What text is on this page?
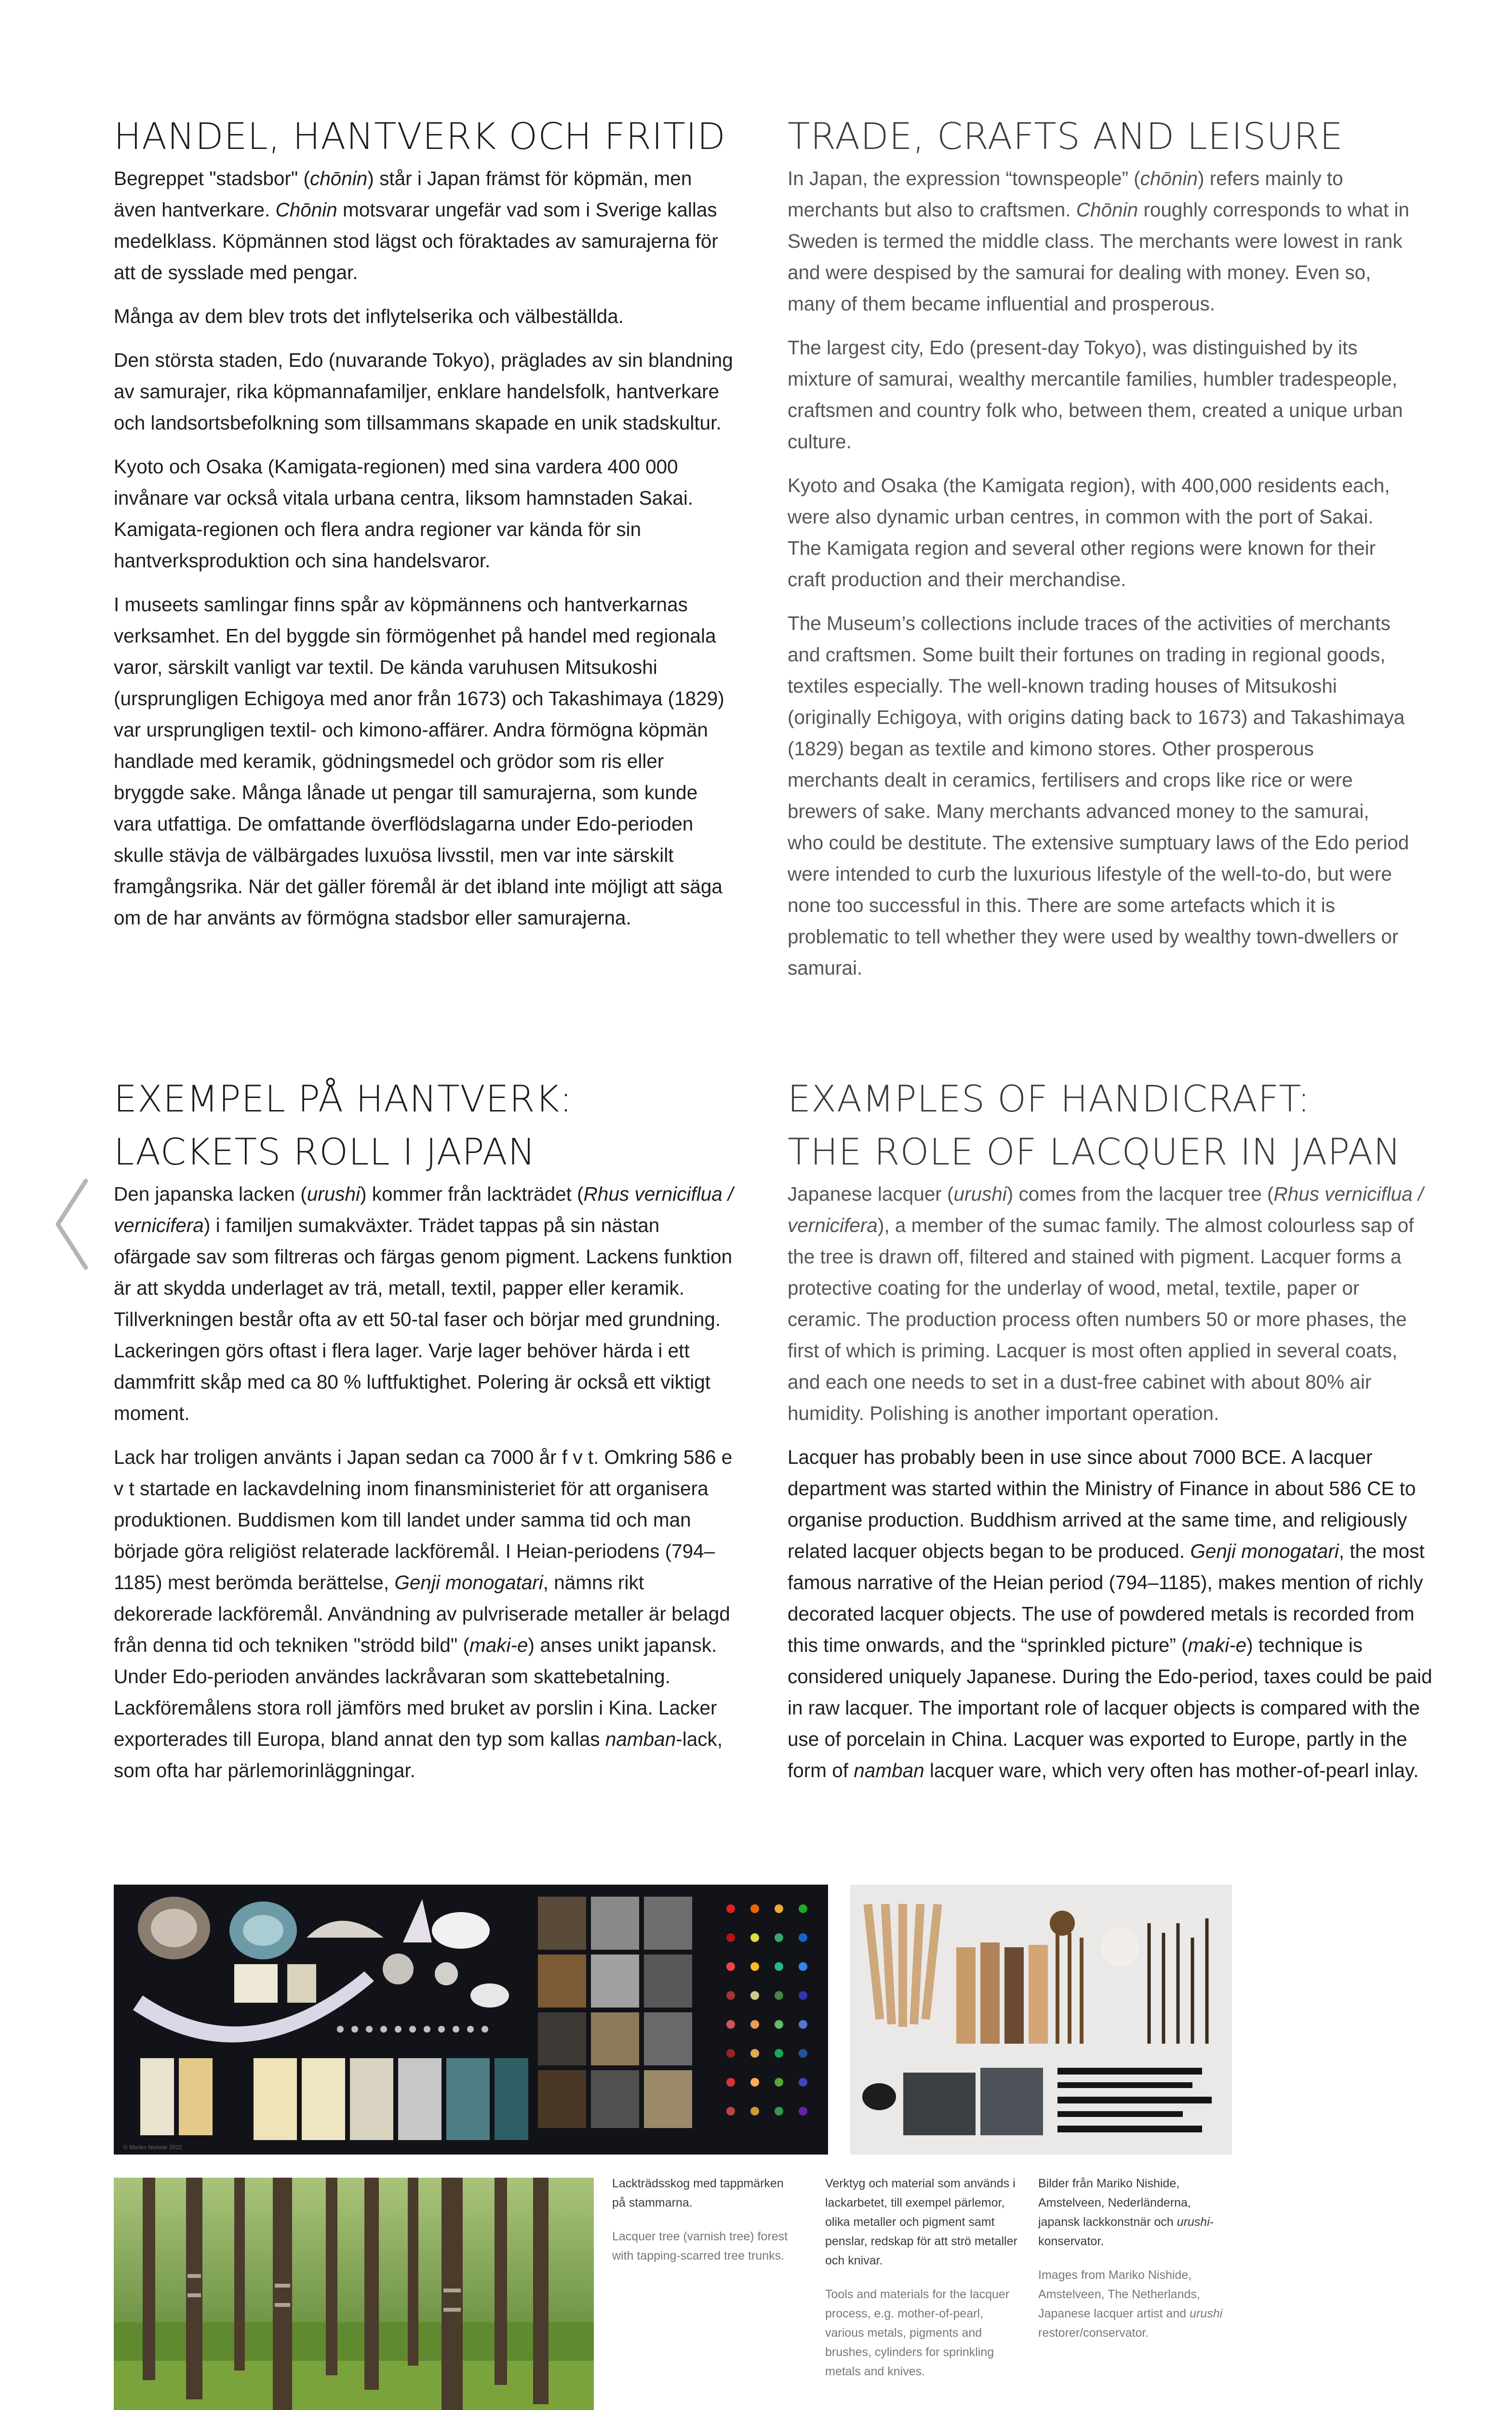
HANDEL, HANTVERK OCH FRITID

Begreppet "stadsbor" (chōnin) står i Japan främst för köpmän, men även hantverkare. Chōnin motsvarar ungefär vad som i Sverige kallas medelklass. Köpmännen stod lägst och föraktades av samurajerna för att de sysslade med pengar.

Många av dem blev trots det inflytelserika och välbeställda.

Den största staden, Edo (nuvarande Tokyo), präglades av sin blandning av samurajer, rika köpmannafamiljer, enklare handelsfolk, hantverkare och landsortsbefolkning som tillsammans skapade en unik stadskultur.

Kyoto och Osaka (Kamigata-regionen) med sina vardera 400 000 invånare var också vitala urbana centra, liksom hamnstaden Sakai. Kamigata-regionen och flera andra regioner var kända för sin hantverksproduktion och sina handelsvaror.

I museets samlingar finns spår av köpmännens och hantverkarnas verksamhet. En del byggde sin förmögenhet på handel med regionala varor, särskilt vanligt var textil. De kända varuhusen Mitsukoshi (ursprungligen Echigoya med anor från 1673) och Takashimaya (1829) var ursprungligen textil- och kimono-affärer. Andra förmögna köpmän handlade med keramik, gödningsmedel och grödor som ris eller bryggde sake. Många lånade ut pengar till samurajerna, som kunde vara utfattiga. De omfattande överflödslagarna under Edo-perioden skulle stävja de välbärgades luxuösa livsstil, men var inte särskilt framgångsrika. När det gäller föremål är det ibland inte möjligt att säga om de har använts av förmögna stadsbor eller samurajerna.

TRADE, CRAFTS AND LEISURE

In Japan, the expression “townspeople” (chōnin) refers mainly to merchants but also to craftsmen. Chōnin roughly corresponds to what in Sweden is termed the middle class. The merchants were lowest in rank and were despised by the samurai for dealing with money. Even so, many of them became influential and prosperous.

The largest city, Edo (present-day Tokyo), was distinguished by its mixture of samurai, wealthy mercantile families, humbler tradespeople, craftsmen and country folk who, between them, created a unique urban culture.

Kyoto and Osaka (the Kamigata region), with 400,000 residents each, were also dynamic urban centres, in common with the port of Sakai. The Kamigata region and several other regions were known for their craft production and their merchandise.

The Museum’s collections include traces of the activities of merchants and craftsmen. Some built their fortunes on trading in regional goods, textiles especially. The well-known trading houses of Mitsukoshi (originally Echigoya, with origins dating back to 1673) and Takashimaya (1829) began as textile and kimono stores. Other prosperous merchants dealt in ceramics, fertilisers and crops like rice or were brewers of sake. Many merchants advanced money to the samurai, who could be destitute. The extensive sumptuary laws of the Edo period were intended to curb the luxurious lifestyle of the well-to-do, but were none too successful in this. There are some artefacts which it is problematic to tell whether they were used by wealthy town-dwellers or samurai.

EXEMPEL PÅ HANTVERK:
LACKETS ROLL I JAPAN

Den japanska lacken (urushi) kommer från lackträdet (Rhus verniciflua / vernicifera) i familjen sumakväxter. Trädet tappas på sin nästan ofärgade sav som filtreras och färgas genom pigment. Lackens funktion är att skydda underlaget av trä, metall, textil, papper eller keramik. Tillverkningen består ofta av ett 50-tal faser och börjar med grundning. Lackeringen görs oftast i flera lager. Varje lager behöver härda i ett dammfritt skåp med ca 80 % luftfuktighet. Polering är också ett viktigt moment.

Lack har troligen använts i Japan sedan ca 7000 år f v t. Omkring 586 e v t startade en lackavdelning inom finansministeriet för att organisera produktionen. Buddismen kom till landet under samma tid och man började göra religiöst relaterade lackföremål. I Heian-periodens (794–1185) mest berömda berättelse, Genji monogatari, nämns rikt dekorerade lackföremål. Användning av pulvriserade metaller är belagd från denna tid och tekniken "strödd bild" (maki-e) anses unikt japansk. Under Edo-perioden användes lackråvaran som skattebetalning. Lackföremålens stora roll jämförs med bruket av porslin i Kina. Lacker exporterades till Europa, bland annat den typ som kallas namban-lack, som ofta har pärlemorinläggningar.

EXAMPLES OF HANDICRAFT:
THE ROLE OF LACQUER IN JAPAN

Japanese lacquer (urushi) comes from the lacquer tree (Rhus verniciflua / vernicifera), a member of the sumac family. The almost colourless sap of the tree is drawn off, filtered and stained with pigment. Lacquer forms a protective coating for the underlay of wood, metal, textile, paper or ceramic. The production process often numbers 50 or more phases, the first of which is priming. Lacquer is most often applied in several coats, and each one needs to set in a dust-free cabinet with about 80% air humidity. Polishing is another important operation.

Lacquer has probably been in use since about 7000 BCE. A lacquer department was started within the Ministry of Finance in about 586 CE to organise production. Buddhism arrived at the same time, and religiously related lacquer objects began to be produced. Genji monogatari, the most famous narrative of the Heian period (794–1185), makes mention of richly decorated lacquer objects. The use of powdered metals is recorded from this time onwards, and the “sprinkled picture” (maki-e) technique is considered uniquely Japanese. During the Edo-period, taxes could be paid in raw lacquer. The important role of lacquer objects is compared with the use of porcelain in China. Lacquer was exported to Europe, partly in the form of namban lacquer ware, which very often has mother-of-pearl inlay.

© Mariko Nishide 2022

Lackträdsskog med tappmärken på stammarna.

Lacquer tree (varnish tree) forest with tapping-scarred tree trunks.

Verktyg och material som används i lackarbetet, till exempel pärlemor, olika metaller och pigment samt penslar, redskap för att strö metaller och knivar.

Tools and materials for the lacquer process, e.g. mother-of-pearl, various metals, pigments and brushes, cylinders for sprinkling metals and knives.

Bilder från Mariko Nishide, Amstelveen, Nederländerna, japansk lackkonstnär och urushi-konservator.

Images from Mariko Nishide, Amstelveen, The Netherlands, Japanese lacquer artist and urushi restorer/conservator.
